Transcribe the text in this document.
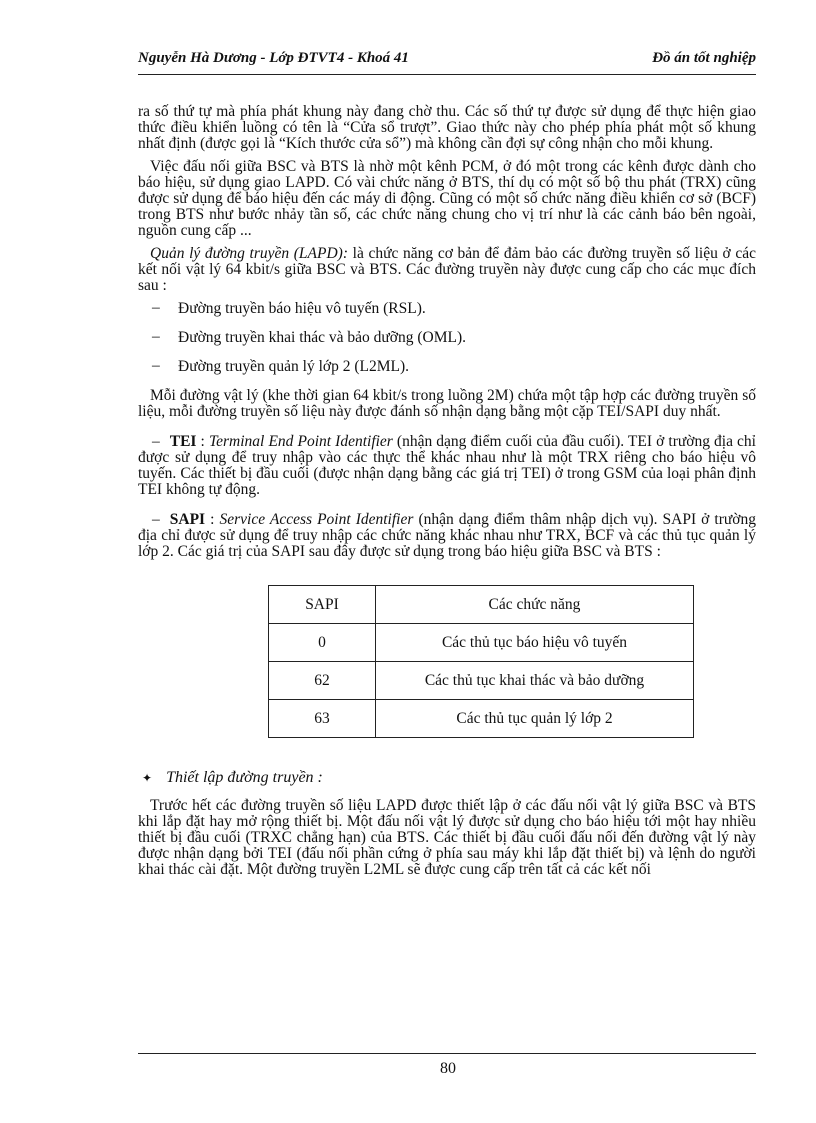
Nguyễn Hà Dương - Lớp ĐTVT4 - Khoá 41	Đồ án tốt nghiệp

ra số thứ tự mà phía phát khung này đang chờ thu. Các số thứ tự được sử dụng để thực hiện giao thức điều khiển luồng có tên là “Cửa sổ trượt”. Giao thức này cho phép phía phát một số khung nhất định (được gọi là “Kích thước cửa sổ”) mà không cần đợi sự công nhận cho mỗi khung.

Việc đấu nối giữa BSC và BTS là nhờ một kênh PCM, ở đó một trong các kênh được dành cho báo hiệu, sử dụng giao LAPD. Có vài chức năng ở BTS, thí dụ có một số bộ thu phát (TRX) cũng được sử dụng để báo hiệu đến các máy di động. Cũng có một số chức năng điều khiển cơ sở (BCF) trong BTS như bước nhảy tần số, các chức năng chung cho vị trí như là các cảnh báo bên ngoài, nguồn cung cấp ...

Quản lý đường truyền (LAPD): là chức năng cơ bản để đảm bảo các đường truyền số liệu ở các kết nối vật lý 64 kbit/s giữa BSC và BTS. Các đường truyền này được cung cấp cho các mục đích sau :

– Đường truyền báo hiệu vô tuyến (RSL).
– Đường truyền khai thác và bảo dưỡng (OML).
– Đường truyền quản lý lớp 2 (L2ML).

Mỗi đường vật lý (khe thời gian 64 kbit/s trong luồng 2M) chứa một tập hợp các đường truyền số liệu, mỗi đường truyền số liệu này được đánh số nhận dạng bằng một cặp TEI/SAPI duy nhất.

– TEI : Terminal End Point Identifier (nhận dạng điểm cuối của đầu cuối). TEI ở trường địa chỉ được sử dụng để truy nhập vào các thực thể khác nhau như là một TRX riêng cho báo hiệu vô tuyến. Các thiết bị đầu cuối (được nhận dạng bằng các giá trị TEI) ở trong GSM của loại phân định TEI không tự động.

– SAPI : Service Access Point Identifier (nhận dạng điểm thâm nhập dịch vụ). SAPI ở trường địa chỉ được sử dụng để truy nhập các chức năng khác nhau như TRX, BCF và các thủ tục quản lý lớp 2. Các giá trị của SAPI sau đây được sử dụng trong báo hiệu giữa BSC và BTS :

SAPI	Các chức năng
0	Các thủ tục báo hiệu vô tuyến
62	Các thủ tục khai thác và bảo dưỡng
63	Các thủ tục quản lý lớp 2
✦ Thiết lập đường truyền :

Trước hết các đường truyền số liệu LAPD được thiết lập ở các đấu nối vật lý giữa BSC và BTS khi lắp đặt hay mở rộng thiết bị. Một đấu nối vật lý được sử dụng cho báo hiệu tới một hay nhiều thiết bị đầu cuối (TRXC chẳng hạn) của BTS. Các thiết bị đầu cuối đấu nối đến đường vật lý này được nhận dạng bởi TEI (đấu nối phần cứng ở phía sau máy khi lắp đặt thiết bị) và lệnh do người khai thác cài đặt. Một đường truyền L2ML sẽ được cung cấp trên tất cả các kết nối

80
